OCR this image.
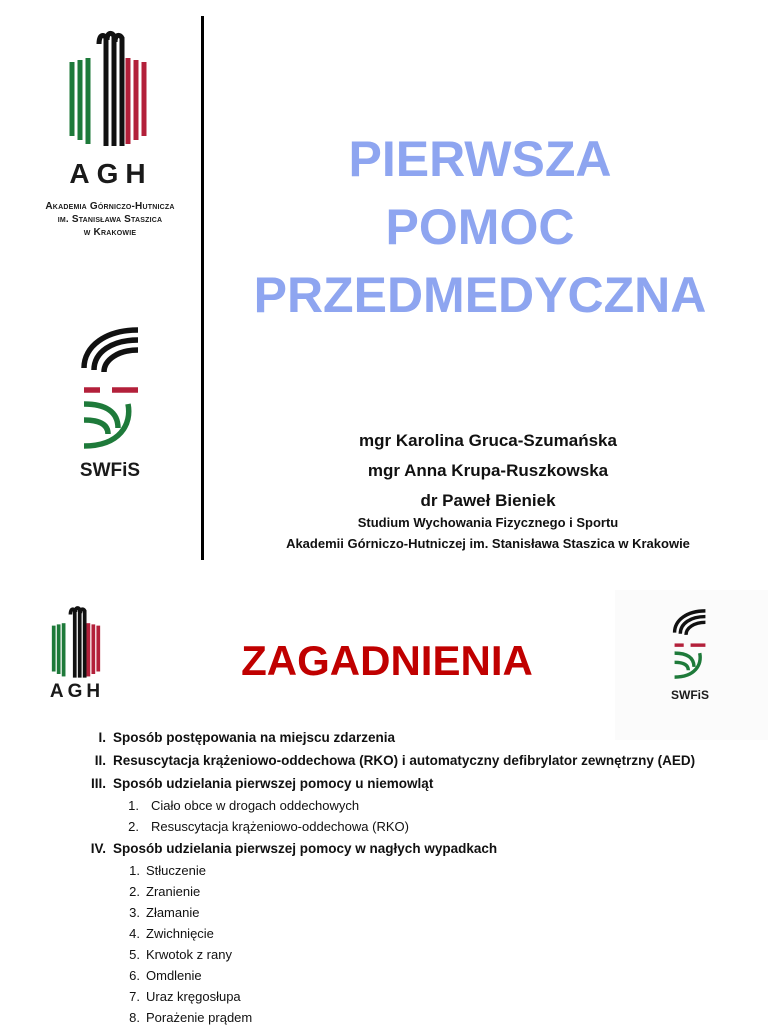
AGH
Akademia Górniczo-Hutnicza
im. Stanisława Staszica
w Krakowie
SWFiS
PIERWSZA
POMOC
PRZEDMEDYCZNA
mgr Karolina Gruca-Szumańska
mgr Anna Krupa-Ruszkowska
dr Paweł Bieniek
Studium Wychowania Fizycznego i Sportu
Akademii Górniczo-Hutniczej im. Stanisława Staszica w Krakowie
AGH	SWFiS
ZAGADNIENIA
I. Sposób postępowania na miejscu zdarzenia
II. Resuscytacja krążeniowo-oddechowa (RKO) i automatyczny defibrylator zewnętrzny (AED)
III. Sposób udzielania pierwszej pomocy u niemowląt
1. Ciało obce w drogach oddechowych
2. Resuscytacja krążeniowo-oddechowa (RKO)
IV. Sposób udzielania pierwszej pomocy w nagłych wypadkach
1. Stłuczenie
2. Zranienie
3. Złamanie
4. Zwichnięcie
5. Krwotok z rany
6. Omdlenie
7. Uraz kręgosłupa
8. Porażenie prądem
